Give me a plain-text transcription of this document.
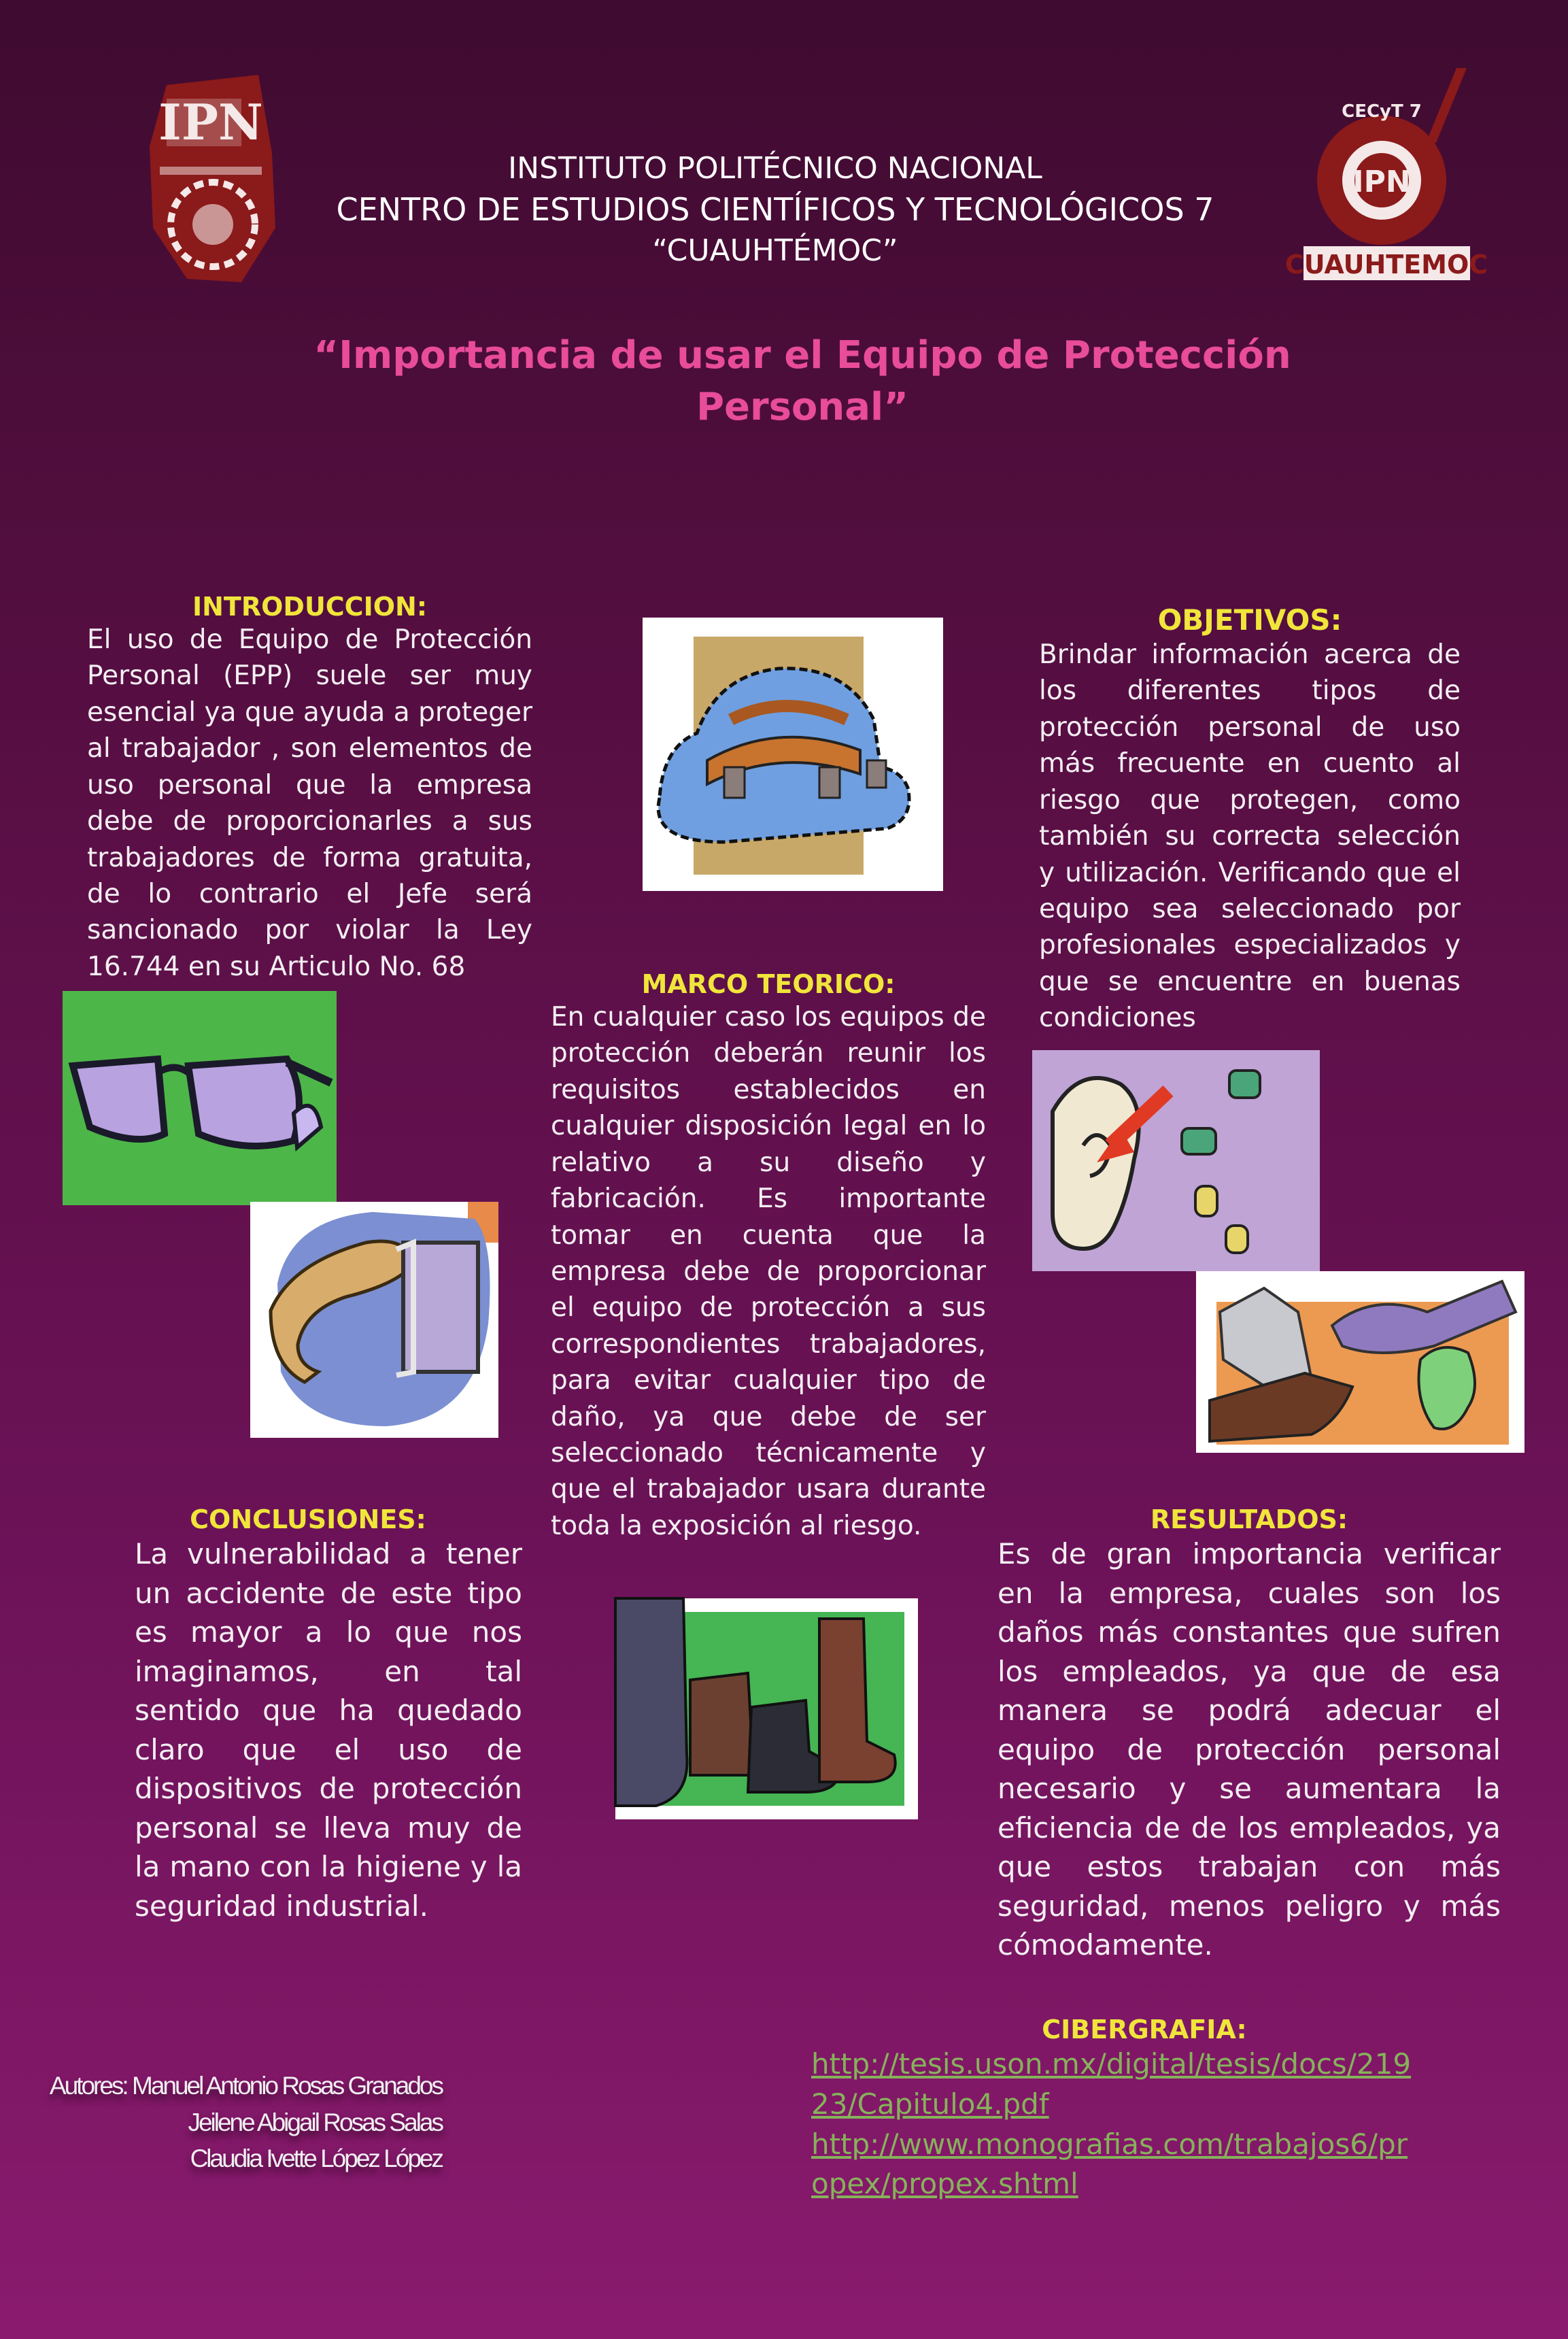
IPN
IPN
CECyT 7
CUAUHTEMOC
INSTITUTO POLITÉCNICO NACIONAL
CENTRO DE ESTUDIOS CIENTÍFICOS Y TECNOLÓGICOS 7
“CUAUHTÉMOC”
“Importancia de usar el Equipo de Protección
Personal”
INTRODUCCION:
El uso de Equipo de Protección Personal (EPP) suele ser muy esencial ya que ayuda a proteger al trabajador , son elementos de uso personal que la empresa debe de proporcionarles a sus trabajadores de forma gratuita, de lo contrario el Jefe será sancionado por violar la Ley 16.744 en su Articulo No. 68
OBJETIVOS:
Brindar información acerca de los diferentes tipos de protección personal de uso más frecuente en cuento al riesgo que protegen, como también su correcta selección y utilización. Verificando que el equipo sea seleccionado por profesionales especializados y que se encuentre en buenas condiciones
MARCO TEORICO:
En cualquier caso los equipos de protección deberán reunir los requisitos establecidos en cualquier disposición legal en lo relativo a su diseño y fabricación. Es importante tomar en cuenta que la empresa debe de proporcionar el equipo de protección a sus correspondientes trabajadores, para evitar cualquier tipo de daño, ya que debe de ser seleccionado técnicamente y que el trabajador usara durante toda la exposición al riesgo.
CONCLUSIONES:
La vulnerabilidad a tener un accidente de este tipo es mayor a lo que nos imaginamos, en tal sentido que ha quedado claro que el uso de dispositivos de protección personal se lleva muy de la mano con la higiene y la seguridad industrial.
RESULTADOS:
Es de gran importancia verificar en la empresa, cuales son los daños más constantes que sufren los empleados, ya que de esa manera se podrá adecuar el equipo de protección personal necesario y se aumentara la eficiencia de de los empleados, ya que estos trabajan con más seguridad, menos peligro y más cómodamente.
CIBERGRAFIA:
http://tesis.uson.mx/digital/tesis/docs/21923/Capitulo4.pdf
http://www.monografias.com/trabajos6/propex/propex.shtml
Autores: Manuel Antonio Rosas Granados
Jeilene Abigail Rosas Salas
Claudia Ivette López López
